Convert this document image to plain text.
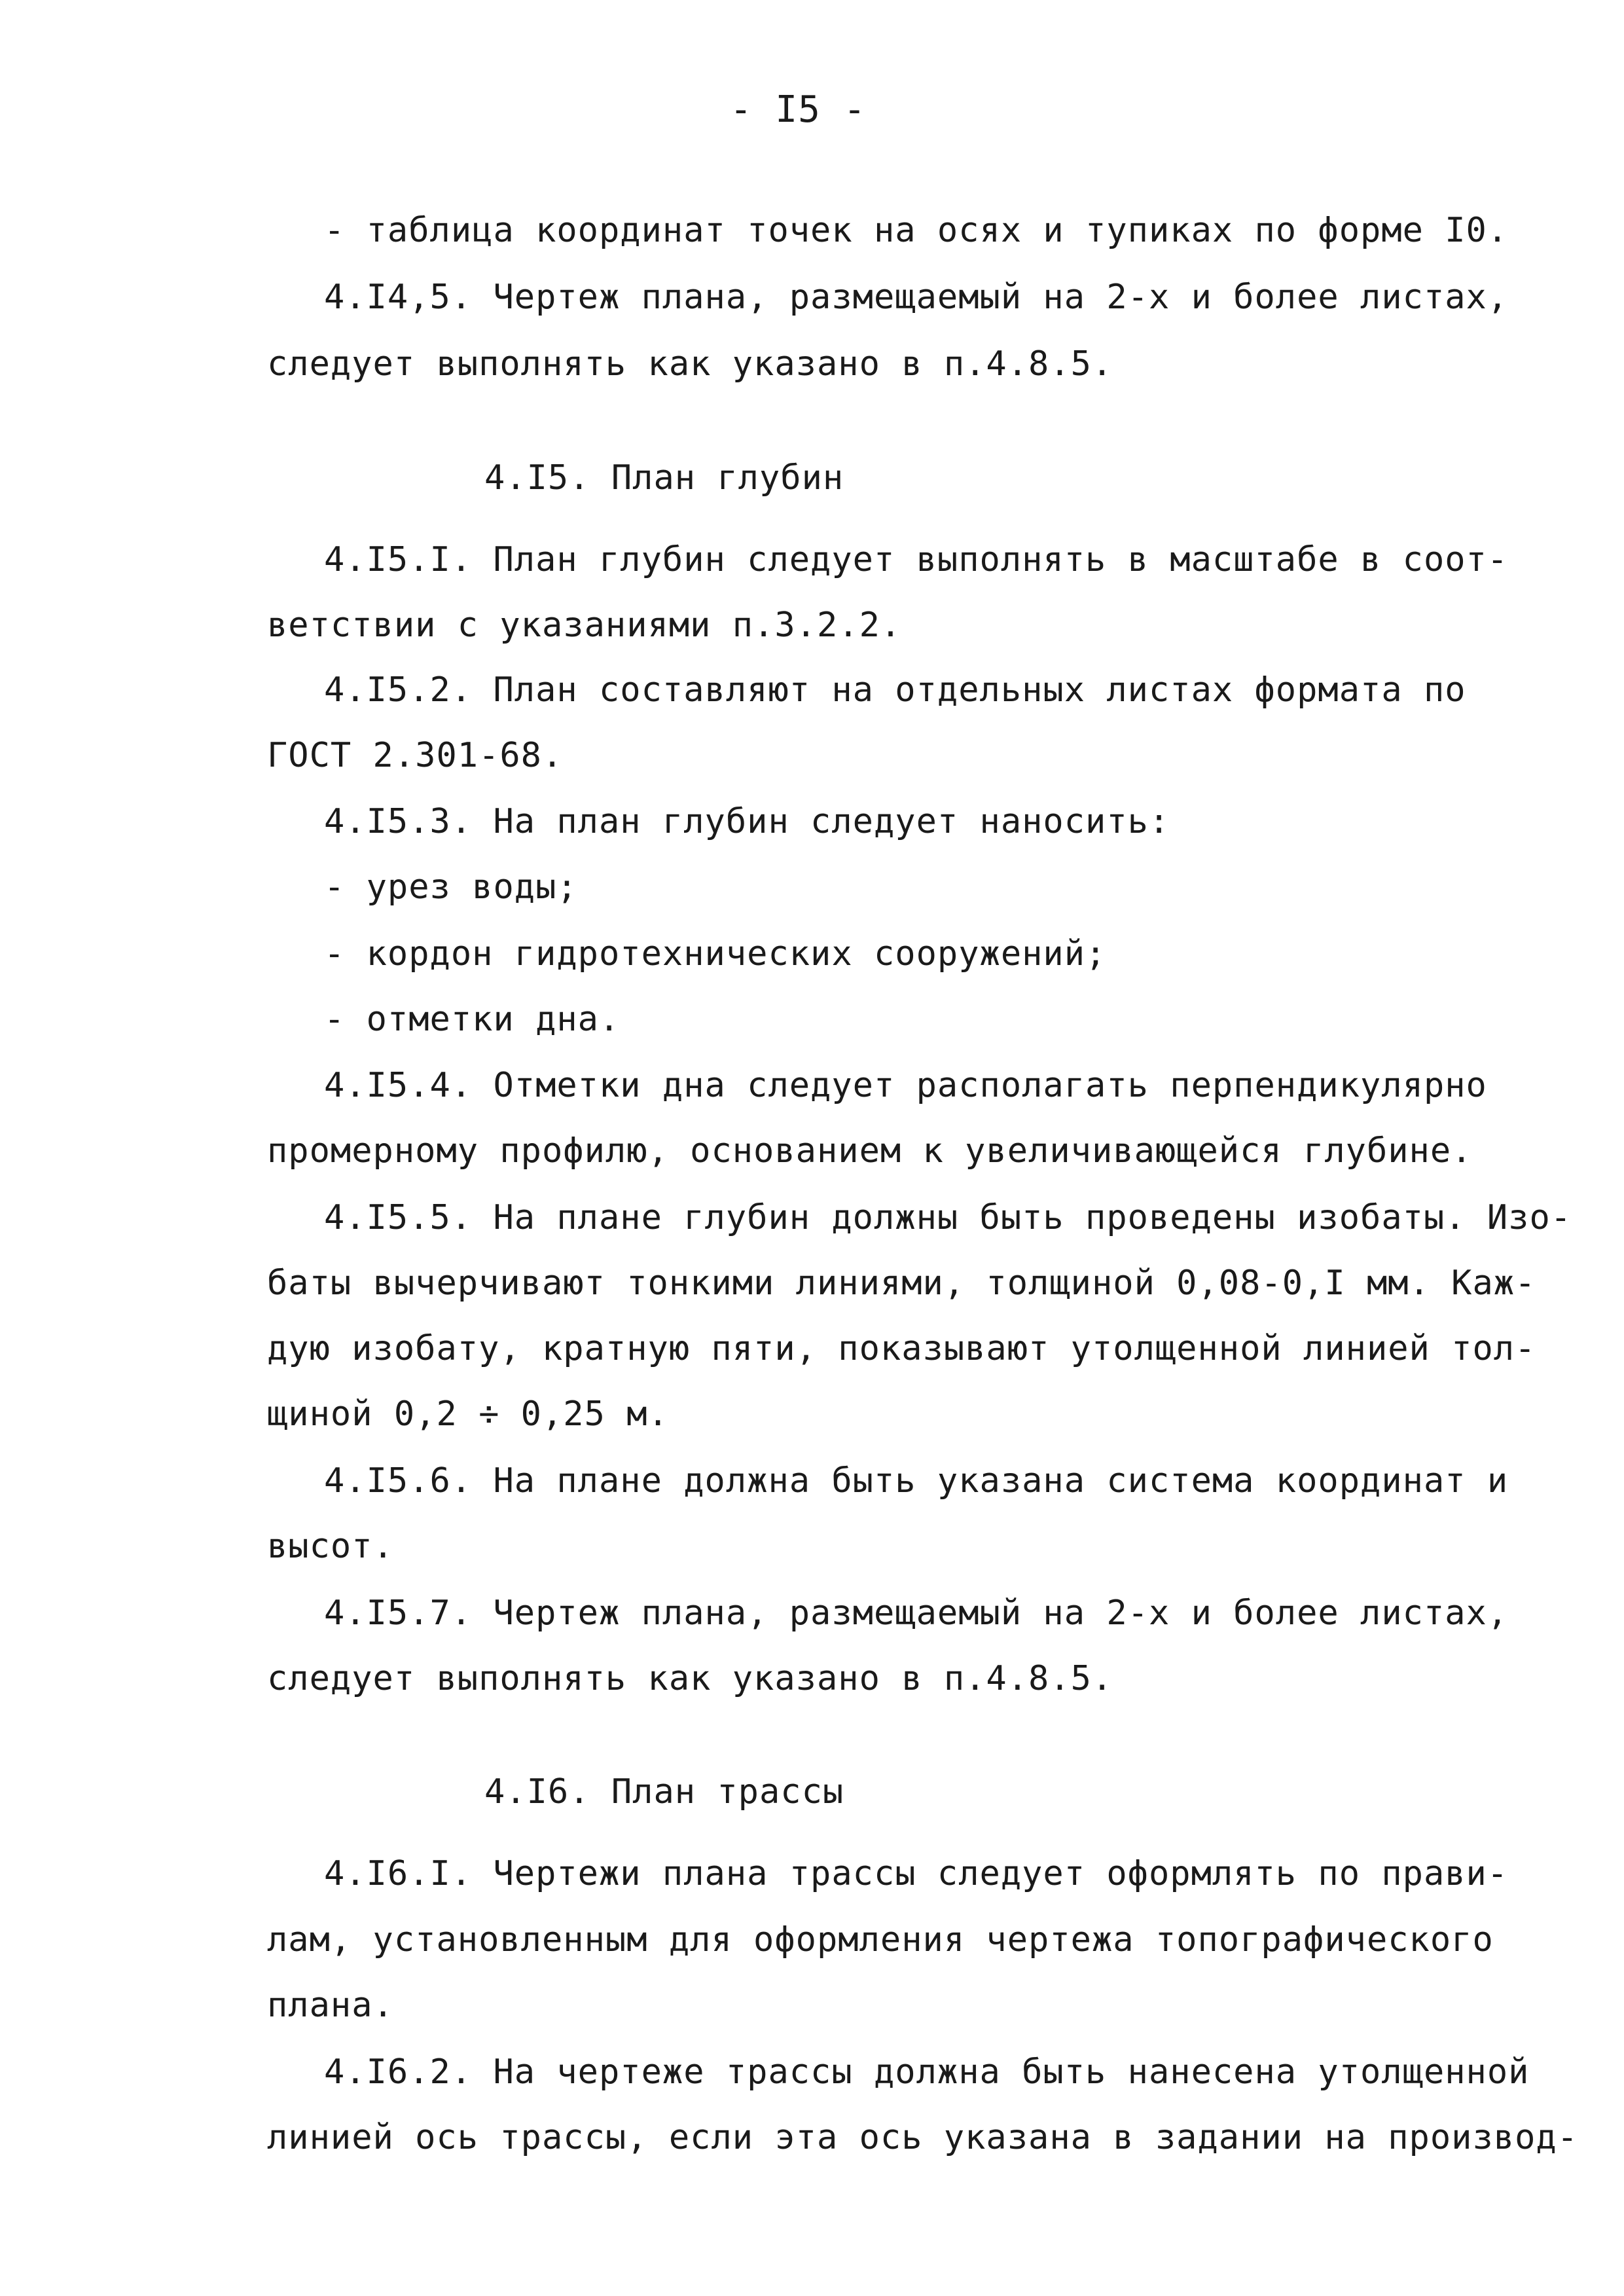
- I5 -
- таблица координат точек на осях и тупиках по форме I0.
4.I4,5. Чертеж плана, размещаемый на 2-х и более листах,
следует выполнять как указано в п.4.8.5.
4.I5. План глубин
4.I5.I. План глубин следует выполнять в масштабе в соот-
ветствии с указаниями п.3.2.2.
4.I5.2. План составляют на отдельных листах формата по
ГОСТ 2.301-68.
4.I5.3. На план глубин следует наносить:
- урез воды;
- кордон гидротехнических сооружений;
- отметки дна.
4.I5.4. Отметки дна следует располагать перпендикулярно
промерному профилю, основанием к увеличивающейся глубине.
4.I5.5. На плане глубин должны быть проведены изобаты. Изо-
баты вычерчивают тонкими линиями, толщиной 0,08-0,I мм. Каж-
дую изобату, кратную пяти, показывают утолщенной линией тол-
щиной 0,2 ÷ 0,25 м.
4.I5.6. На плане должна быть указана система координат и
высот.
4.I5.7. Чертеж плана, размещаемый на 2-х и более листах,
следует выполнять как указано в п.4.8.5.
4.I6. План трассы
4.I6.I. Чертежи плана трассы следует оформлять по прави-
лам, установленным для оформления чертежа топографического
плана.
4.I6.2. На чертеже трассы должна быть нанесена утолщенной
линией ось трассы, если эта ось указана в задании на производ-
